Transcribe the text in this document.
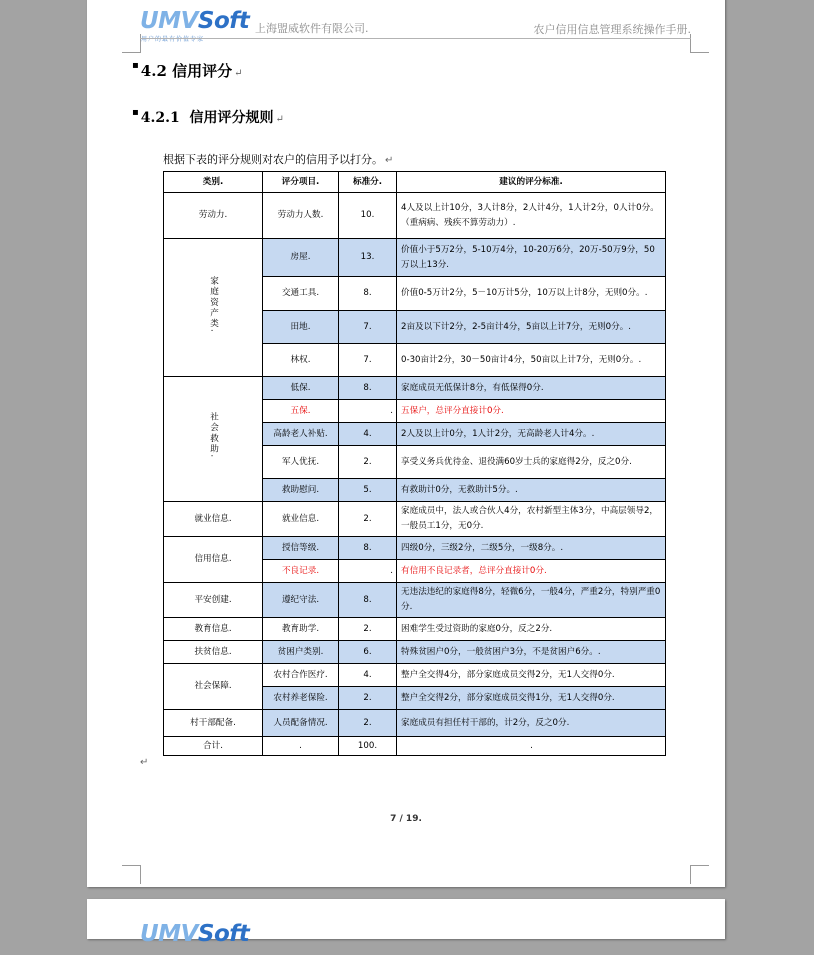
UMVSoft
用户的最有价值专家
上海盟威软件有限公司.	农户信用信息管理系统操作手册.
▪ 4.2 信用评分 ↵
▪ 4.2.1 信用评分规则 ↵
根据下表的评分规则对农户的信用予以打分。 ↵
类别.	评分项目.	标准分.	建议的评分标准.
劳动力.	劳动力人数.	10.	4人及以上计10分，3人计8分，2人计4分，1人计2分，0人计0分。（重病病、残疾不算劳动力）.
家庭资产类.	房屋.	13.	价值小于5万2分，5-10万4分，10-20万6分，20万-50万9分，50万以上13分.
	交通工具.	8.	价值0-5万计2分，5－10万计5分，10万以上计8分，无则0分。.
	田地.	7.	2亩及以下计2分，2-5亩计4分，5亩以上计7分，无则0分。.
	林权.	7.	0-30亩计2分，30－50亩计4分，50亩以上计7分，无则0分。.
社会救助.	低保.	8.	家庭成员无低保计8分，有低保得0分.
	五保.	.	五保户，总评分直接计0分.
	高龄老人补贴.	4.	2人及以上计0分，1人计2分，无高龄老人计4分。.
	军人优抚.	2.	享受义务兵优待金、退役满60岁士兵的家庭得2分，反之0分.
	救助慰问.	5.	有救助计0分，无救助计5分。.
就业信息.	就业信息.	2.	家庭成员中，法人或合伙人4分，农村新型主体3分，中高层领导2，一般员工1分，无0分.
信用信息.	授信等级.	8.	四级0分，三级2分，二级5分，一级8分。.
	不良记录.	.	有信用不良记录者，总评分直接计0分.
平安创建.	遵纪守法.	8.	无违法违纪的家庭得8分，轻微6分，一般4分，严重2分，特别严重0分.
教育信息.	教育助学.	2.	困难学生受过资助的家庭0分，反之2分.
扶贫信息.	贫困户类别.	6.	特殊贫困户0分，一般贫困户3分，不是贫困户6分。.
社会保障.	农村合作医疗.	4.	整户全交得4分，部分家庭成员交得2分，无1人交得0分.
	农村养老保险.	2.	整户全交得2分，部分家庭成员交得1分，无1人交得0分.
村干部配备.	人员配备情况.	2.	家庭成员有担任村干部的，计2分，反之0分.
合计.	.	100.	.
↵
7 / 19.
UMVSoft
